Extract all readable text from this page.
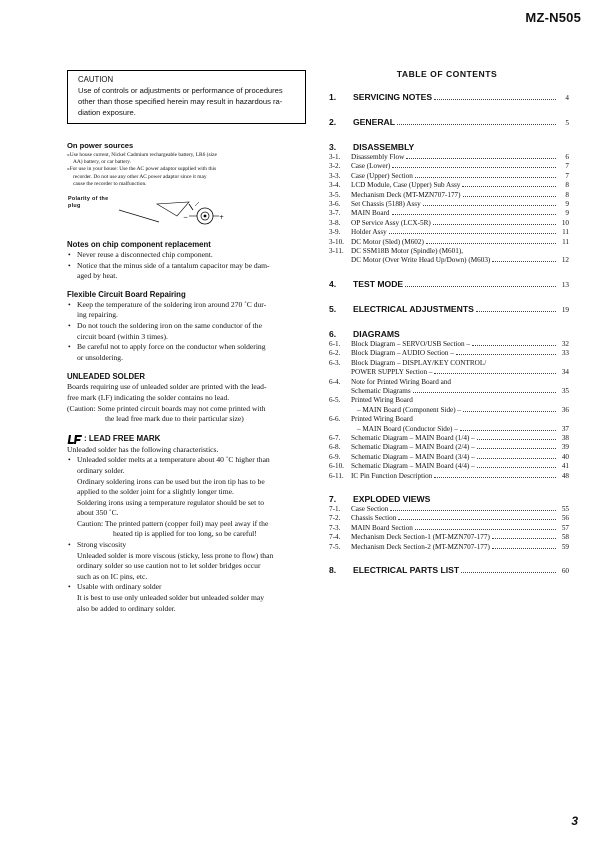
MZ-N505
CAUTION
Use of controls or adjustments or performance of procedures
other than those specified herein may result in hazardous ra-
diation exposure.
On power sources

»Use house current, Nickel Cadmium rechargeable battery, LR6 (size AA) battery, or car battery.

»For use in your house: Use the AC power adaptor supplied with this recorder. Do not use any other AC power adaptor since it may cause the recorder to malfunction.

Polarity of the
plug
−	+
Notes on chip component replacement
• Never reuse a disconnected chip component.
• Notice that the minus side of a tantalum capacitor may be dam-
aged by heat.
Flexible Circuit Board Repairing
• Keep the temperature of the soldering iron around 270 ˚C dur-
ing repairing.
• Do not touch the soldering iron on the same conductor of the
circuit board (within 3 times).
• Be careful not to apply force on the conductor when soldering
or unsoldering.
UNLEADED SOLDER
Boards requiring use of unleaded solder are printed with the lead-
free mark (LF) indicating the solder contains no lead.
(Caution: Some printed circuit boards may not come printed with
the lead free mark due to their particular size)
: LEAD FREE MARK
Unleaded solder has the following characteristics.
• Unleaded solder melts at a temperature about 40 ˚C higher than
ordinary solder.
Ordinary soldering irons can be used but the iron tip has to be
applied to the solder joint for a slightly longer time.
Soldering irons using a temperature regulator should be set to
about 350 ˚C.
Caution: The printed pattern (copper foil) may peel away if the
heated tip is applied for too long, so be careful!
• Strong viscosity
Unleaded solder is more viscous (sticky, less prone to flow) than
ordinary solder so use caution not to let solder bridges occur
such as on IC pins, etc.
• Usable with ordinary solder
It is best to use only unleaded solder but unleaded solder may
also be added to ordinary solder.
TABLE OF CONTENTS
1.	SERVICING NOTES	4
2.	GENERAL	5
3.	DISASSEMBLY
3-1.	Disassembly Flow	6
3-2.	Case (Lower)	7
3-3.	Case (Upper) Section	7
3-4.	LCD Module, Case (Upper) Sub Assy	8
3-5.	Mechanism Deck (MT-MZN707-177)	8
3-6.	Set Chassis (5188) Assy	9
3-7.	MAIN Board	9
3-8.	OP Service Assy (LCX-5R)	10
3-9.	Holder Assy	11
3-10. DC Motor (Sled) (M602)	11
3-11.	DC SSM18B Motor (Spindle) (M601),
DC Motor (Over Write Head Up/Down) (M603)	12
4.	TEST MODE	13
5.	ELECTRICAL ADJUSTMENTS	19
6.	DIAGRAMS
6-1.	Block Diagram – SERVO/USB Section –	32
6-2.	Block Diagram – AUDIO Section –	33
6-3.	Block Diagram – DISPLAY/KEY CONTROL/
POWER SUPPLY Section –	34
6-4.	Note for Printed Wiring Board and
Schematic Diagrams	35
6-5.	Printed Wiring Board
– MAIN Board (Component Side) –	36
6-6.	Printed Wiring Board
– MAIN Board (Conductor Side) –	37
6-7.	Schematic Diagram – MAIN Board (1/4) –	38
6-8.	Schematic Diagram – MAIN Board (2/4) –	39
6-9.	Schematic Diagram – MAIN Board (3/4) –	40
6-10. Schematic Diagram – MAIN Board (4/4) –	41
6-11.	IC Pin Function Description	48
7.	EXPLODED VIEWS
7-1.	Case Section	55
7-2.	Chassis Section	56
7-3.	MAIN Board Section	57
7-4.	Mechanism Deck Section-1 (MT-MZN707-177)	58
7-5.	Mechanism Deck Section-2 (MT-MZN707-177)	59
8.	ELECTRICAL PARTS LIST	60
3
